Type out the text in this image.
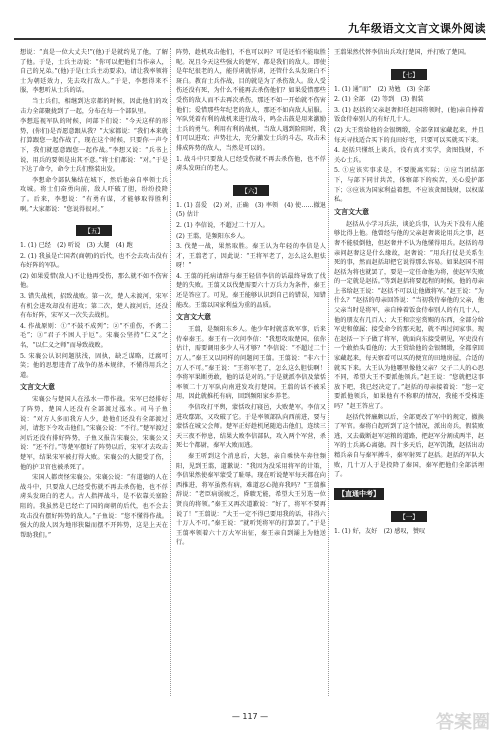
九年级语文文言文课外阅读

想说：“真是一位大丈夫!”(他)于是就约见了他，了解了他。于是，士兵主动说：“你可以把他们当作亲人，自己的兄弟。”(他)于是(士兵主动要求)，请让我率领将士为朝廷效力，先去攻打敌人。”于是，李想得来不服，李想听从士兵的话。

当士兵们，相继到达京都的时候，因此他们的攻击力全部聚拢到了一起，分布在每一个部队里。

李想巡视军队的时候，问部下们说：“今天这样的形势，(你们)是否愿意跟从我？”大家都说：“我们本来就打算跟您一起作战了，现在这个时候，只要你一声令下，我们就愿意跟您一起作战。”李想又说：“兵书上说，用兵的要领是出其不意。”将士们都说：“对。”于是下达了命令，命令士兵们整装出发。

李想命令部队集结在城下，然后他亲自率领士兵攻城。将士们奋勇向前，敌人吓破了胆，纷纷投降了。后来，李想说：“有勇有谋，才能够取得胜利啊。”大家都说：“您说得很对。”

【五】

1. (1) 已经　(2) 听说　(3) 大腿　(4) 跑

2. (1) 我虽是亡国者(商朝)的后代，也不会去攻击没有布好阵的军队。

(2) 如果爱惜(敌人)不让他再受伤，那么就不如不伤害他。

3. 错失战机，招致战败。第一次，楚人未渡河，宋军有机会进攻却没有进攻；第二次，楚人渡河后，还没有布好阵，宋军又一次失去战机。

4. 作战原则：①“不鼓不成列”；②“不重伤，不禽二毛”；③“君子不困人于厄”。宋襄公坚持“仁义”之名，“以仁义之师”而导致战败。

5. 宋襄公认识问题肤浅，固执，缺乏谋略，迂腐可笑；他的思想违背了战争的基本规律，不懂得用兵之道。

文言文大意

宋襄公与楚国人在泓水一带作战。宋军已经排好了阵势，楚国人还没有全部渡过泓水。司马子鱼说：“对方人多而我方人少，趁他们还没有全部渡过河，请您下令攻击他们。”宋襄公说：“不行。”楚军渡过河后还没有排好阵势，子鱼又报告宋襄公，宋襄公又说：“还不行。”等楚军摆好了阵势以后，宋军才去攻击楚军，结果宋军被打得大败。宋襄公的大腿受了伤，他的护卫官也被杀死了。

宋国人都责怪宋襄公。宋襄公说：“有道德的人在战斗中，只要敌人已经受伤就不再去杀伤他，也不俘虏头发斑白的老人。古人指挥战斗，是不依靠关塞险阻的。我虽然是已经亡了国的商朝的后代，也不会去攻击没有摆好阵势的敌人。”子鱼说：“您不懂得作战。强大的敌人因为地形狭隘而摆不开阵势，这是上天在帮助我们。”

阵势，趁机攻击他们，不也可以吗？可是还怕不能取胜呢。况且今天这些强大的楚军，都是我们的敌人。即使是年纪很老的人，能俘虏就俘虏，还管什么头发斑白不斑白。教育士兵作战，目的就是为了杀伤敌人。敌人受伤还没有死，为什么不能再去杀伤他们？如果爱惜那些受伤的敌人而不去再次杀伤，那还不如一开始就不伤害他们；爱惜那些年纪老的敌人，那还不如向敌人屈服。军队凭着有利的战机来进行战斗，鸣金击鼓是用来激励士兵的勇气。利用有利的战机，当敌人遇到险阻时，我们可以进攻；声势壮大，充分激发士兵的斗志，攻击未排成阵势的敌人，当然是可以的。

1. 战斗中只要敌人已经受伤就不再去杀伤他，也不俘虏头发斑白的老人。

【六】

1. (1) 喜爱　(2) 对，正确　(3) 率领　(4) 使……撤退　(5) 估计

2. (1) 李信说，不超过二十万人。

(2) 王翦，是频阳东乡人。

3. 伐楚一战，果然取胜。秦王认为年轻的李信是人才，王翦老了，因此说：“王将军老了，怎么这么胆怯呀！”

4. 王翦的托病请辞与秦王轻信李信的话最终导致了伐楚的失败。王翦又以伐楚需要六十万兵力为条件，秦王还是答应了。可见，秦王能够认识到自己的错误，知错能改。王翦以国家利益为重的品质。

文言文大意

王翦，是频阳东乡人。他少年时就喜欢军事，后来侍奉秦王。秦王有一次问李信：“我想攻取楚国，依你估计，需要调用多少人马才够？”李信说：“不超过二十万人。”秦王又以同样的问题问王翦。王翦说：“非六十万人不可。”秦王说：“王将军老了，怎么这么胆怯啊！李将军果断勇敢，他的话是对的。”于是就派李信及蒙恬率领二十万军队向南进发攻打楚国。王翦的话不被采用，因此就推托有病，回到频阳家乡养老。

李信攻打平舆，蒙恬攻打寝邑，大败楚军。李信又进攻鄢郢，又攻破了它。于是率领部队向西前进，要与蒙恬在城父会师。楚军正好趁机尾随追击他们，连续三天三夜不停息，结果大败李信部队，攻入两个军营，杀死七个都尉，秦军大败而逃。

秦王听到这个消息后，大怒，亲自乘快车奔往频阳，见到王翦，道歉说：“我因为没采用将军的计策，李信果然使秦军蒙受了耻辱。现在听说楚军每天都在向西推进，将军虽然有病，难道忍心抛弃我吗？”王翦推辞说：“老臣病弱疲乏，昏聩无能，希望大王另选一位贤良的将领。”秦王又再次道歉说：“好了，将军不要再说了！”王翦说：“大王一定不得已要用我的话，非得六十万人不可。”秦王说：“就听凭将军的打算罢了。”于是王翦率领着六十万大军出征，秦王亲自到灞上为他送行。

王翦果然代替李信出兵攻打楚国，并打败了楚国。

【七】

1. (1) 通“而”　(2) 劝勉　(3) 全部

2. (1) 全部　(2) 等到　(3) 假装

3. (1) 赵括的父亲赵奢担任赵国将领时，(他)亲自捧着饭食侍奉别人的有好几十人。

(2) 大王赏给他的金银绸缎，全部拿回家藏起来，并且每天寻找适合买下的良田好宅，只要可以买就买下来。

4. 赵括只懂纸上谈兵，没有真才实学，贪图钱财，不关心士兵。

5. ①应该实事求是，不要脱离实际；②应当团结部下，与部下同甘共苦，体察部下的疾苦，关心爱护部下；③应该为国家利益着想，不应该贪图钱财，以权谋私。

文言文大意

赵括从小学习兵法，谈论兵事，认为天下没有人能够比得上他。他曾经与他的父亲赵奢谈论用兵之事，赵奢不能驳倒他，但赵奢并不认为他懂得用兵。赵括的母亲问赵奢这是什么缘故，赵奢说：“用兵打仗是关系生死的事，然而赵括却把它说得那么容易。如果赵国不用赵括为将也就罢了，要是一定任命他为将，使赵军失败的一定就是赵括。”等到赵括将要起程的时候，他的母亲上书给赵王说：“赵括不可以让他做将军。”赵王说：“为什么？”赵括的母亲回答说：“当初我侍奉他的父亲，他父亲当时是将军，亲自捧着饭食侍奉别人的有几十人，他的朋友有几百人；大王和宗室赏赐的东西，全部分给军吏和僚属；接受命令的那天起，就不再过问家事。现在赵括一下子做了将军，就面向东接受朝见，军吏没有一个敢抬头看他的；大王赏给他的金银绸缎，全都拿回家藏起来，每天察看可以买的便宜的田地房屋，合适的就买下来。大王认为他哪里像他父亲？父子二人的心思不同，希望大王不要派他领兵。”赵王说：“您就把这事放下吧，我已经决定了。”赵括的母亲接着说：“您一定要派他领兵，如果他有不称职的情况，我能不受株连吗？”赵王答应了。

赵括代替廉颇以后，全部更改了军中的规定，撤换了军官。秦将白起听到了这个情况，派出奇兵，假装败逃，又去截断赵军运粮的道路，把赵军分割成两半，赵军的士兵离心离德。四十多天后，赵军饥饿，赵括出动精兵亲自与秦军搏斗，秦军射死了赵括。赵括的军队大败，几十万人于是投降了秦国，秦军把他们全部活埋了。

【直通中考】
【一】

1. (1) 好，友好　(2) 感叹，赞叹

— 117 —	答案圈
